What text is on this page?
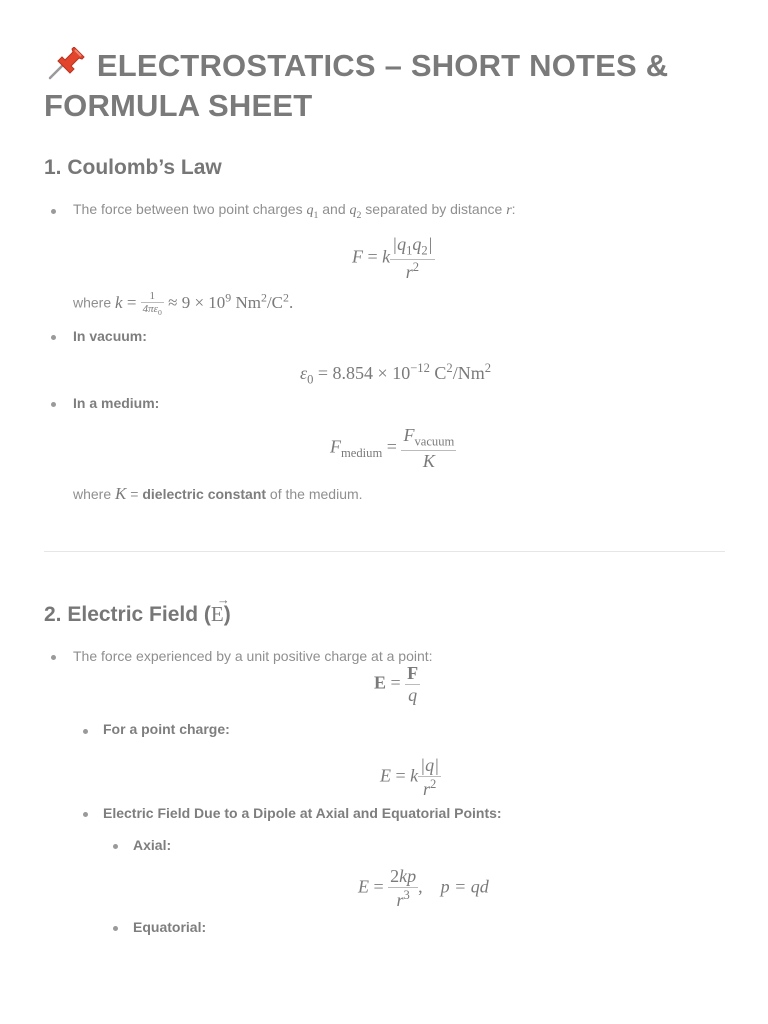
ELECTROSTATICS – SHORT NOTES & FORMULA SHEET
1. Coulomb’s Law
The force between two point charges $q_1$ and $q_2$ separated by distance r:
F = k $\frac{|q_1q_2|}{r^2}$
where $k = \frac{1}{4\pi\varepsilon_0} \approx 9 \times 10^9$ $Nm^2/C^2$.
In vacuum:
$\varepsilon_0 = 8.854 \times 10^{-12}$ $C^2/Nm^2$
In a medium:
$F_{medium} = \frac{F_{vacuum}}{K}$
where K = dielectric constant of the medium.
2. Electric Field (E
→
)
The force experienced by a unit positive charge at a point:
$E = \frac{F}{q}$
For a point charge:
E = k $\frac{|q|}{r^2}$
Electric Field Due to a Dipole at Axial and Equatorial Points:
Axial:
$E = \frac{2kp}{r^3}$ , p = qd
Equatorial:
